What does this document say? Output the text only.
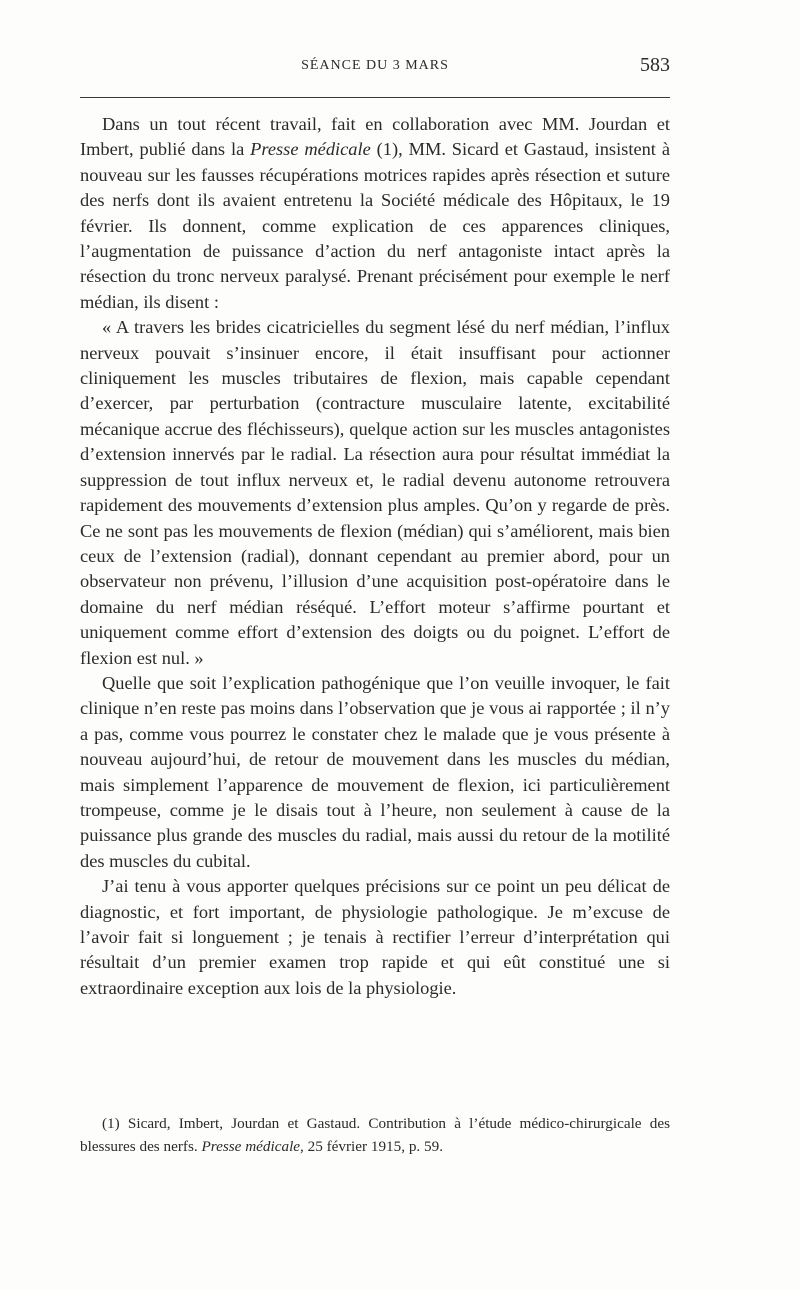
SÉANCE DU 3 MARS	583

Dans un tout récent travail, fait en collaboration avec MM. Jourdan et Imbert, publié dans la Presse médicale (1), MM. Sicard et Gastaud, insistent à nouveau sur les fausses récupérations motrices rapides après résection et suture des nerfs dont ils avaient entretenu la Société médicale des Hôpitaux, le 19 février. Ils donnent, comme explication de ces apparences cliniques, l’augmentation de puissance d’action du nerf antagoniste intact après la résection du tronc nerveux paralysé. Prenant précisément pour exemple le nerf médian, ils disent :

« A travers les brides cicatricielles du segment lésé du nerf médian, l’influx nerveux pouvait s’insinuer encore, il était insuffisant pour actionner cliniquement les muscles tributaires de flexion, mais capable cependant d’exercer, par perturbation (contracture musculaire latente, excitabilité mécanique accrue des fléchisseurs), quelque action sur les muscles antagonistes d’extension innervés par le radial. La résection aura pour résultat immédiat la suppression de tout influx nerveux et, le radial devenu autonome retrouvera rapidement des mouvements d’extension plus amples. Qu’on y regarde de près. Ce ne sont pas les mouvements de flexion (médian) qui s’améliorent, mais bien ceux de l’extension (radial), donnant cependant au premier abord, pour un observateur non prévenu, l’illusion d’une acquisition post-opératoire dans le domaine du nerf médian réséqué. L’effort moteur s’affirme pourtant et uniquement comme effort d’extension des doigts ou du poignet. L’effort de flexion est nul. »

Quelle que soit l’explication pathogénique que l’on veuille invoquer, le fait clinique n’en reste pas moins dans l’observation que je vous ai rapportée ; il n’y a pas, comme vous pourrez le constater chez le malade que je vous présente à nouveau aujourd’hui, de retour de mouvement dans les muscles du médian, mais simplement l’apparence de mouvement de flexion, ici particulièrement trompeuse, comme je le disais tout à l’heure, non seulement à cause de la puissance plus grande des muscles du radial, mais aussi du retour de la motilité des muscles du cubital.

J’ai tenu à vous apporter quelques précisions sur ce point un peu délicat de diagnostic, et fort important, de physiologie pathologique. Je m’excuse de l’avoir fait si longuement ; je tenais à rectifier l’erreur d’interprétation qui résultait d’un premier examen trop rapide et qui eût constitué une si extraordinaire exception aux lois de la physiologie.

(1) Sicard, Imbert, Jourdan et Gastaud. Contribution à l’étude médico-chirurgicale des blessures des nerfs. Presse médicale, 25 février 1915, p. 59.
